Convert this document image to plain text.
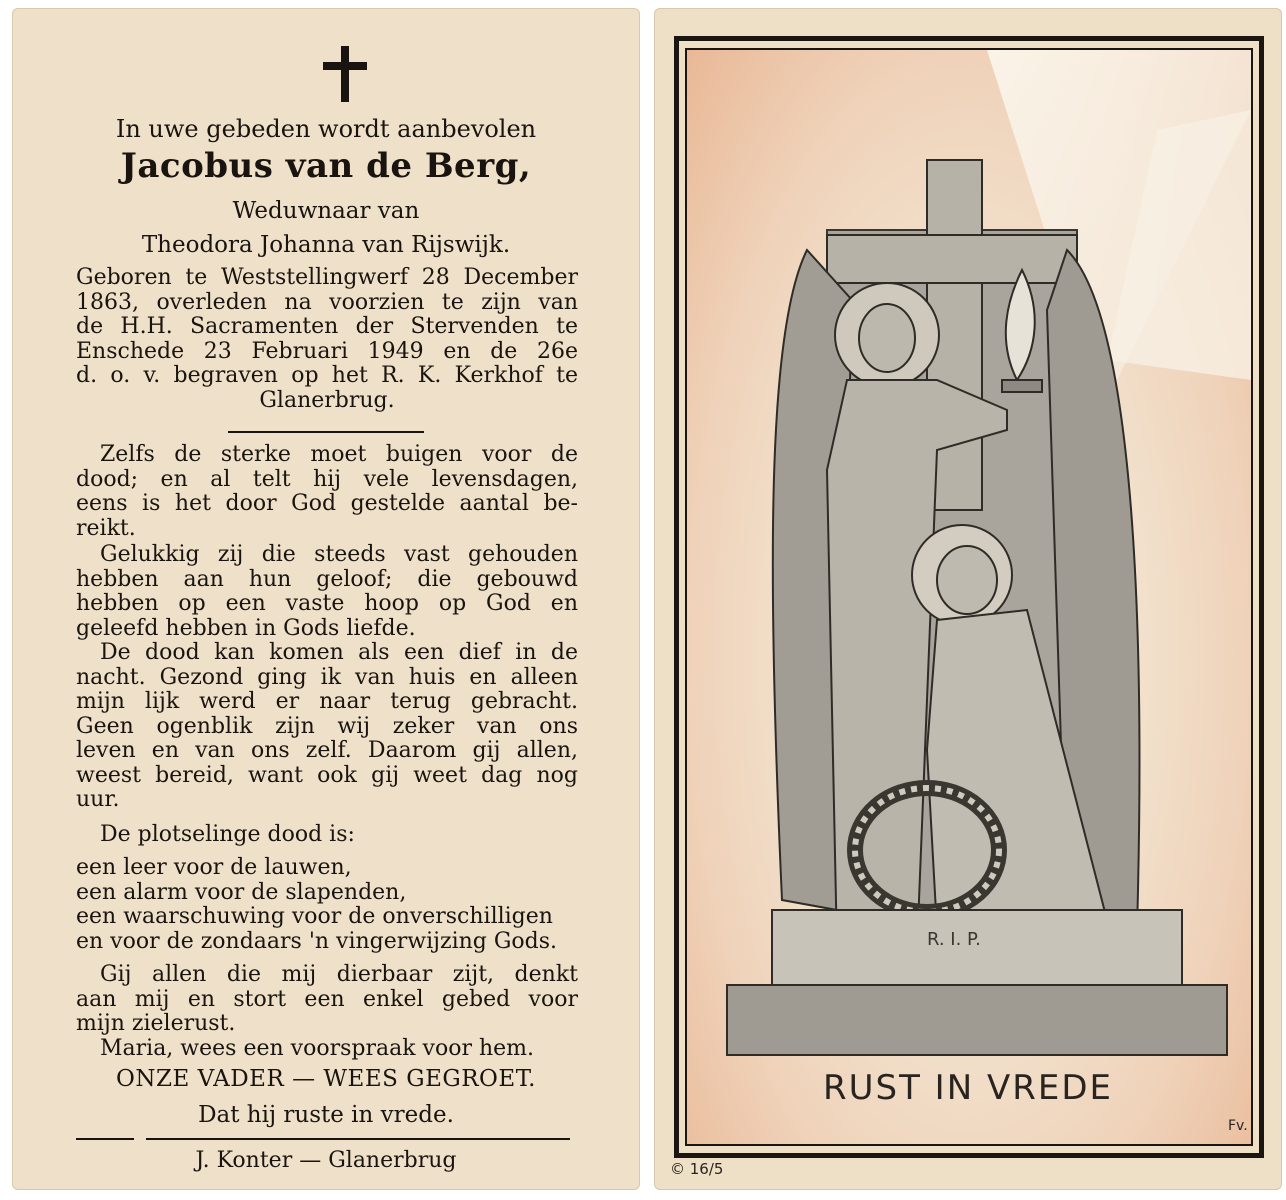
In uwe gebeden wordt aanbevolen
Jacobus van de Berg,
Weduwnaar van
Theodora Johanna van Rijswijk.
Geboren te Weststellingwerf 28 December
1863, overleden na voorzien te zijn van
de H.H. Sacramenten der Stervenden te
Enschede 23 Februari 1949 en de 26e
d. o. v. begraven op het R. K. Kerkhof te
Glanerbrug.
Zelfs de sterke moet buigen voor de
dood; en al telt hij vele levensdagen,
eens is het door God gestelde aantal be-
reikt.
Gelukkig zij die steeds vast gehouden
hebben aan hun geloof; die gebouwd
hebben op een vaste hoop op God en
geleefd hebben in Gods liefde.
De dood kan komen als een dief in de
nacht. Gezond ging ik van huis en alleen
mijn lijk werd er naar terug gebracht.
Geen ogenblik zijn wij zeker van ons
leven en van ons zelf. Daarom gij allen,
weest bereid, want ook gij weet dag nog
uur.
De plotselinge dood is:
een leer voor de lauwen,
een alarm voor de slapenden,
een waarschuwing voor de onverschilligen
en voor de zondaars 'n vingerwijzing Gods.
Gij allen die mij dierbaar zijt, denkt
aan mij en stort een enkel gebed voor
mijn zielerust.
Maria, wees een voorspraak voor hem.
ONZE VADER — WEES GEGROET.
Dat hij ruste in vrede.
J. Konter — Glanerbrug
R. I. P.
RUST IN VREDE
Fv.
© 16/5
